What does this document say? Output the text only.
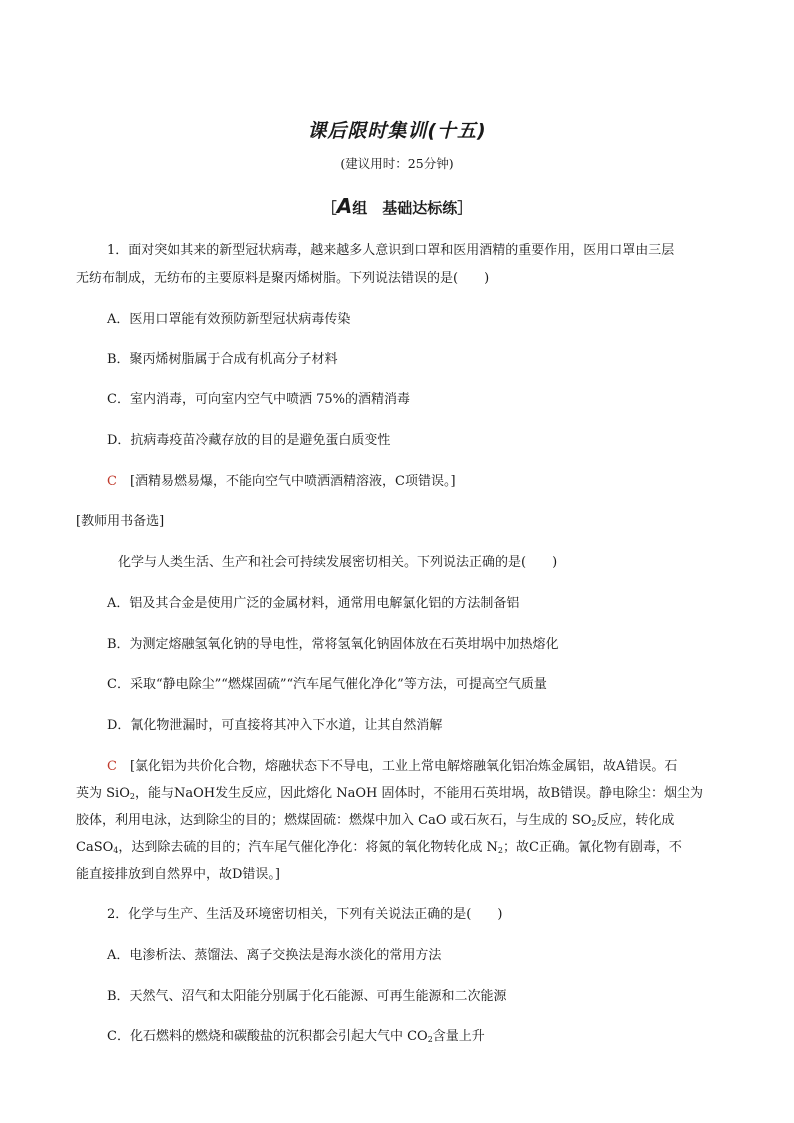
课后限时集训(十五)
(建议用时：25分钟)
［A组　基础达标练］
1．面对突如其来的新型冠状病毒，越来越多人意识到口罩和医用酒精的重要作用，医用口罩由三层
无纺布制成，无纺布的主要原料是聚丙烯树脂。下列说法错误的是(　　)
A．医用口罩能有效预防新型冠状病毒传染
B．聚丙烯树脂属于合成有机高分子材料
C．室内消毒，可向室内空气中喷洒 75%的酒精消毒
D．抗病毒疫苗冷藏存放的目的是避免蛋白质变性
C　 [酒精易燃易爆，不能向空气中喷洒酒精溶液，C项错误。]
[教师用书备选]
化学与人类生活、生产和社会可持续发展密切相关。下列说法正确的是(　　)
A．铝及其合金是使用广泛的金属材料，通常用电解氯化铝的方法制备铝
B．为测定熔融氢氧化钠的导电性，常将氢氧化钠固体放在石英坩埚中加热熔化
C．采取“静电除尘”“燃煤固硫”“汽车尾气催化净化”等方法，可提高空气质量
D．氰化物泄漏时，可直接将其冲入下水道，让其自然消解
C　 [氯化铝为共价化合物，熔融状态下不导电，工业上常电解熔融氧化铝冶炼金属铝，故A错误。石
英为 SiO$_2$，能与NaOH发生反应，因此熔化 NaOH 固体时，不能用石英坩埚，故B错误。静电除尘：烟尘为
胶体，利用电泳，达到除尘的目的；燃煤固硫：燃煤中加入 CaO 或石灰石，与生成的 $SO_2$反应，转化成
CaSO$_4$，达到除去硫的目的；汽车尾气催化净化：将氮的氧化物转化成 $N_2$；故C正确。氰化物有剧毒，不
能直接排放到自然界中，故D错误。]
2．化学与生产、生活及环境密切相关，下列有关说法正确的是(　　)
A．电渗析法、蒸馏法、离子交换法是海水淡化的常用方法
B．天然气、沼气和太阳能分别属于化石能源、可再生能源和二次能源
C．化石燃料的燃烧和碳酸盐的沉积都会引起大气中 $CO_2$含量上升
